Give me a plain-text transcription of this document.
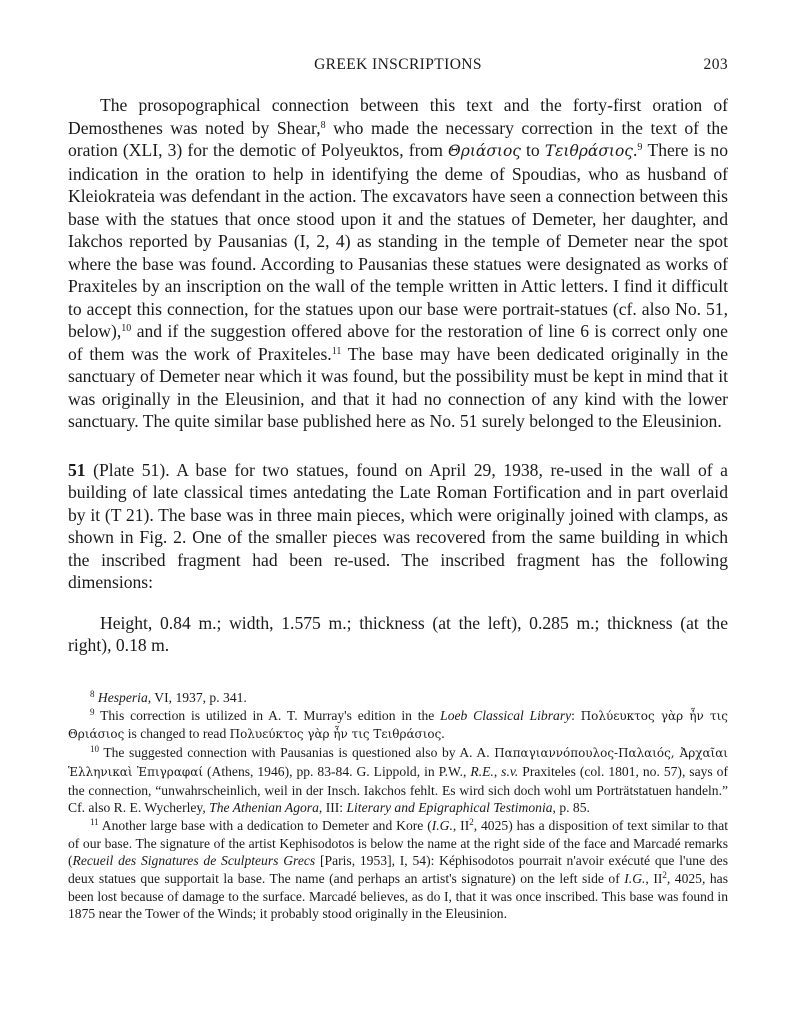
GREEK INSCRIPTIONS	203

The prosopographical connection between this text and the forty-first oration of Demosthenes was noted by Shear,$^8$ who made the necessary correction in the text of the oration (XLI, 3) for the demotic of Polyeuktos, from Θριάσιος to Τειθράσιος.$^9$ There is no indication in the oration to help in identifying the deme of Spoudias, who as husband of Kleiokrateia was defendant in the action. The excavators have seen a connection between this base with the statues that once stood upon it and the statues of Demeter, her daughter, and Iakchos reported by Pausanias (I, 2, 4) as standing in the temple of Demeter near the spot where the base was found. According to Pausanias these statues were designated as works of Praxiteles by an inscription on the wall of the temple written in Attic letters. I find it difficult to accept this connection, for the statues upon our base were portrait-statues (cf. also No. 51, below),$^{10}$ and if the suggestion offered above for the restoration of line 6 is correct only one of them was the work of Praxiteles.$^{11}$ The base may have been dedicated originally in the sanctuary of Demeter near which it was found, but the possibility must be kept in mind that it was originally in the Eleusinion, and that it had no connection of any kind with the lower sanctuary. The quite similar base published here as No. 51 surely belonged to the Eleusinion.

51 (Plate 51). A base for two statues, found on April 29, 1938, re-used in the wall of a building of late classical times antedating the Late Roman Fortification and in part overlaid by it (T 21). The base was in three main pieces, which were originally joined with clamps, as shown in Fig. 2. One of the smaller pieces was recovered from the same building in which the inscribed fragment had been re-used. The inscribed fragment has the following dimensions:

Height, 0.84 m.; width, 1.575 m.; thickness (at the left), 0.285 m.; thickness (at the right), 0.18 m.

$^8$ Hesperia, VI, 1937, p. 341.

$^9$ This correction is utilized in A. T. Murray's edition in the Loeb Classical Library: Πολύευκτος γὰρ ἦν τις Θριάσιος is changed to read Πολυεύκτος γὰρ ἦν τις Τειθράσιος.

$^{10}$ The suggested connection with Pausanias is questioned also by A. A. Παπαγιαννόπουλος-Παλαιός, Ἀρχαῖαι Ἑλληνικαὶ Ἐπιγραφαί (Athens, 1946), pp. 83-84. G. Lippold, in P.W., R.E., s.v. Praxiteles (col. 1801, no. 57), says of the connection, “unwahrscheinlich, weil in der Insch. Iakchos fehlt. Es wird sich doch wohl um Porträtstatuen handeln.” Cf. also R. E. Wycherley, The Athenian Agora, III: Literary and Epigraphical Testimonia, p. 85.

$^{11}$ Another large base with a dedication to Demeter and Kore (I.G., $II^2$, 4025) has a disposition of text similar to that of our base. The signature of the artist Kephisodotos is below the name at the right side of the face and Marcadé remarks (Recueil des Signatures de Sculpteurs Grecs [Paris, 1953], I, 54): Képhisodotos pourrait n'avoir exécuté que l'une des deux statues que supportait la base. The name (and perhaps an artist's signature) on the left side of I.G., $II^2$, 4025, has been lost because of damage to the surface. Marcadé believes, as do I, that it was once inscribed. This base was found in 1875 near the Tower of the Winds; it probably stood originally in the Eleusinion.
